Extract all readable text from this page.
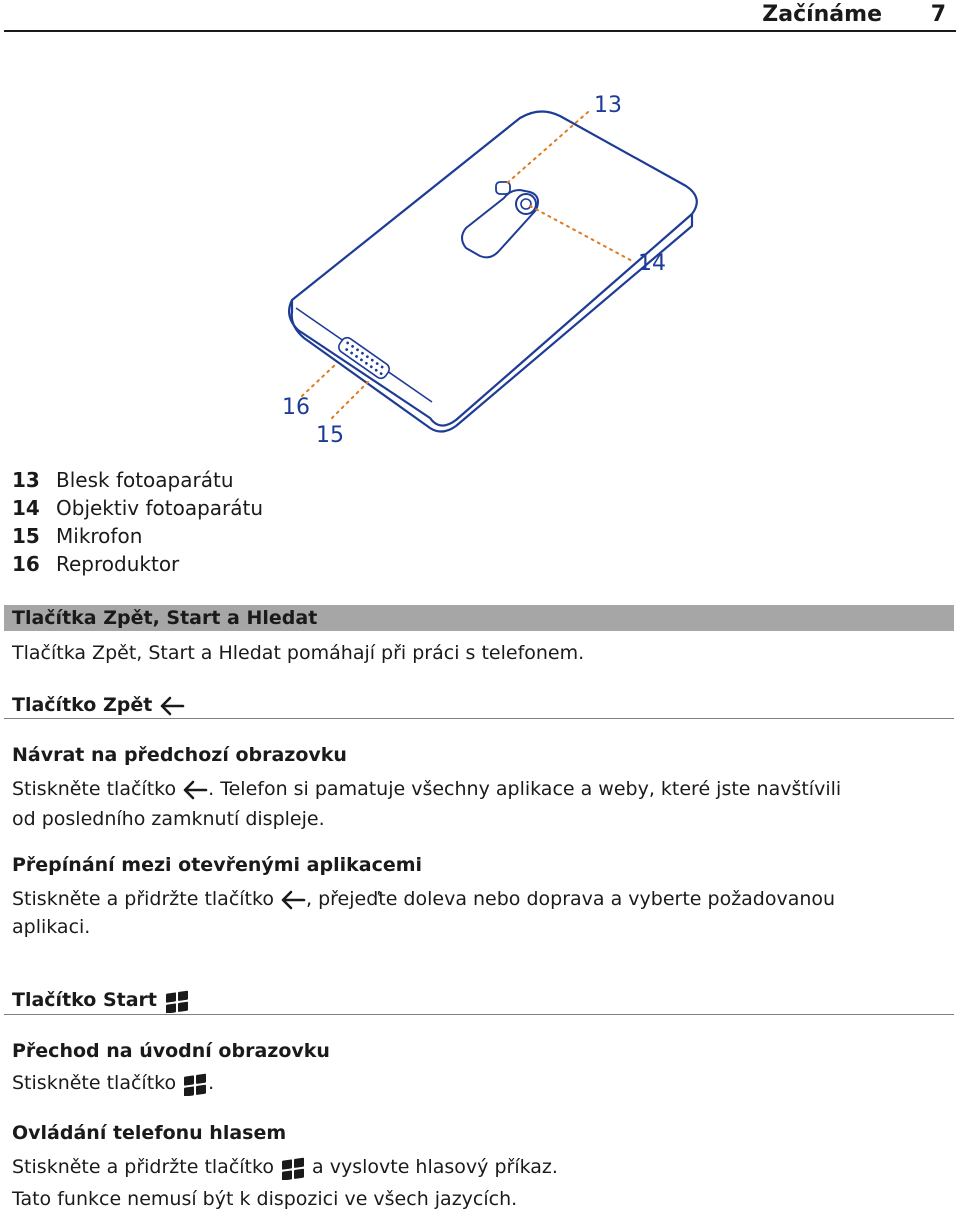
Začínáme 7
13
14
15
16
13 Blesk fotoaparátu
14 Objektiv fotoaparátu
15 Mikrofon
16 Reproduktor
Tlačítka Zpět, Start a Hledat
Tlačítka Zpět, Start a Hledat pomáhají při práci s telefonem.
Tlačítko Zpět
Návrat na předchozí obrazovku
Stiskněte tlačítko
. Telefon si pamatuje všechny aplikace a weby, které jste navštívili
od posledního zamknutí displeje.
Přepínání mezi otevřenými aplikacemi
Stiskněte a přidržte tlačítko
, přejeďte doleva nebo doprava a vyberte požadovanou
aplikaci.
Tlačítko Start
Přechod na úvodní obrazovku
Stiskněte tlačítko
.
Ovládání telefonu hlasem
Stiskněte a přidržte tlačítko
a vyslovte hlasový příkaz.
Tato funkce nemusí být k dispozici ve všech jazycích.
